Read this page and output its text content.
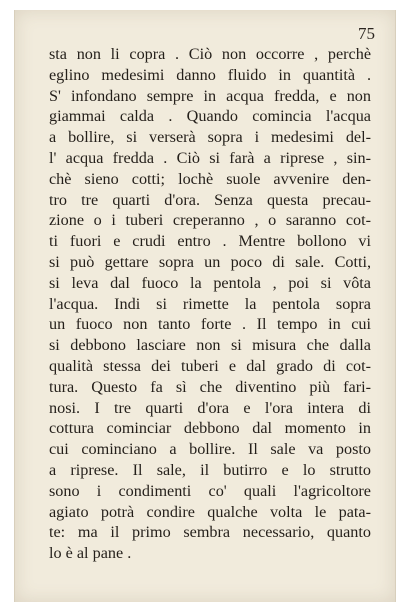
75
sta non li copra . Ciò non occorre , perchè
eglino medesimi danno fluido in quantità .
S' infondano sempre in acqua fredda, e non
giammai calda . Quando comincia l'acqua
a bollire, si verserà sopra i medesimi del-
l' acqua fredda . Ciò si farà a riprese , sin-
chè sieno cotti; lochè suole avvenire den-
tro tre quarti d'ora. Senza questa precau-
zione o i tuberi creperanno , o saranno cot-
ti fuori e crudi entro . Mentre bollono vi
si può gettare sopra un poco di sale. Cotti,
si leva dal fuoco la pentola , poi si vôta
l'acqua. Indi si rimette la pentola sopra
un fuoco non tanto forte . Il tempo in cui
si debbono lasciare non si misura che dalla
qualità stessa dei tuberi e dal grado di cot-
tura. Questo fa sì che diventino più fari-
nosi. I tre quarti d'ora e l'ora intera di
cottura cominciar debbono dal momento in
cui cominciano a bollire. Il sale va posto
a riprese. Il sale, il butirro e lo strutto
sono i condimenti co' quali l'agricoltore
agiato potrà condire qualche volta le pata-
te: ma il primo sembra necessario, quanto
lo è al pane .
